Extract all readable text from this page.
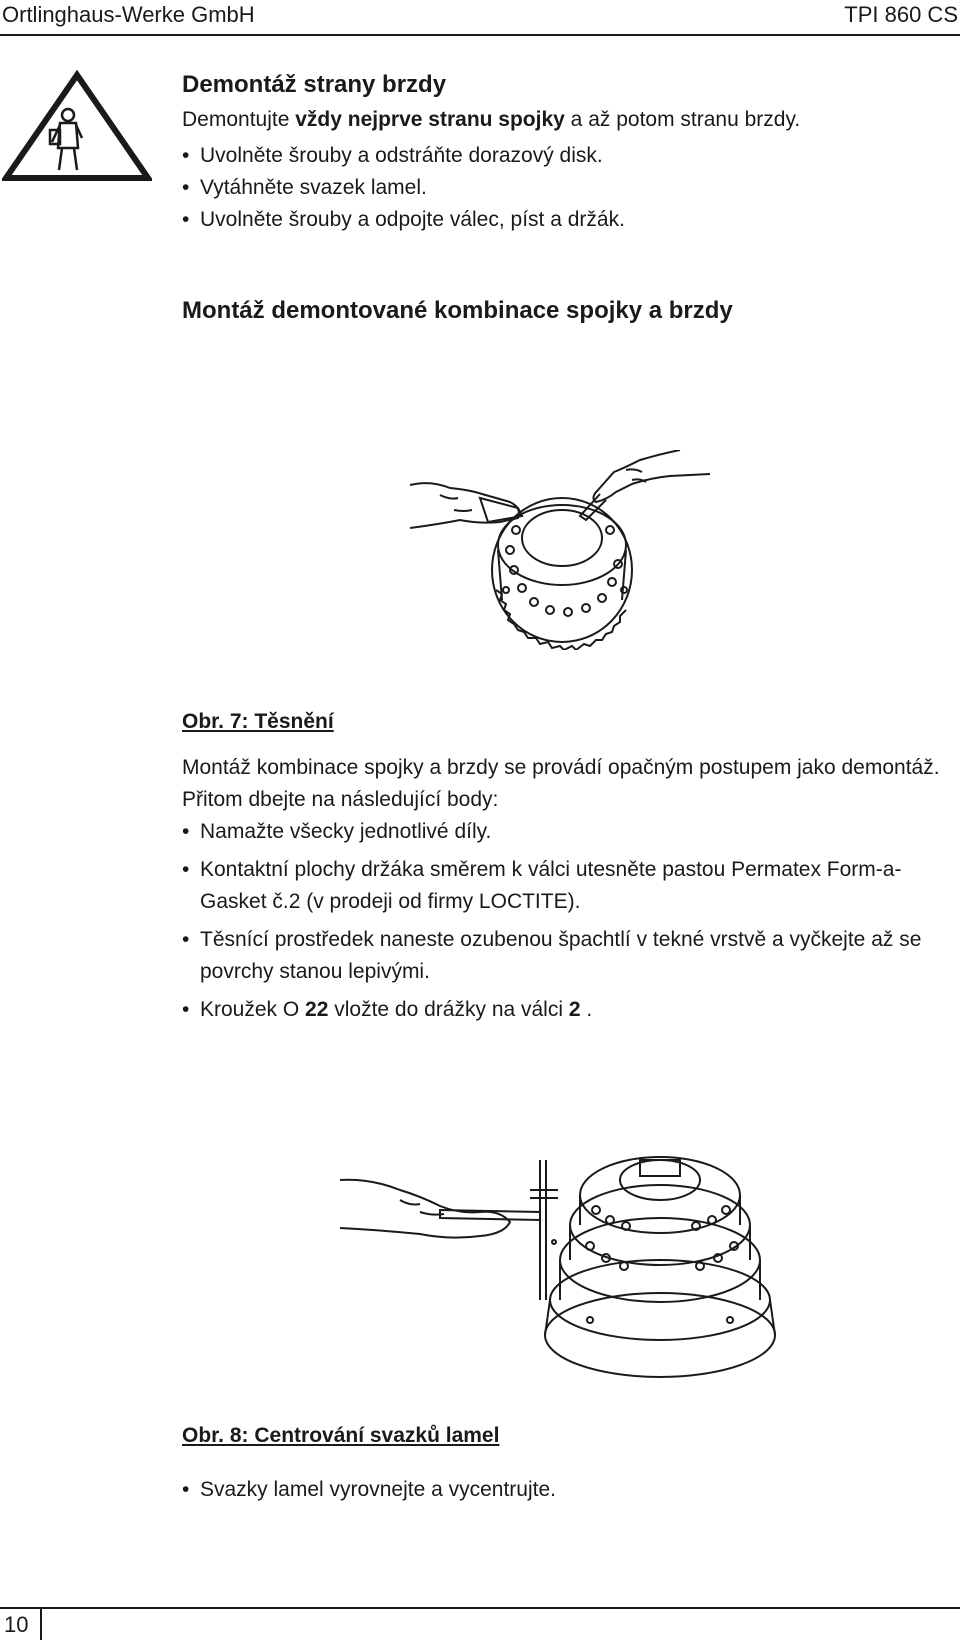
Ortlinghaus-Werke GmbH	TPI 860 CS
Demontáž strany brzdy
Demontujte vždy nejprve stranu spojky a až potom stranu brzdy.
• Uvolněte šrouby a odstráňte dorazový disk.
• Vytáhněte svazek lamel.
• Uvolněte šrouby a odpojte válec, píst a držák.
Montáž demontované kombinace spojky a brzdy
Obr. 7: Těsnění
Montáž kombinace spojky a brzdy se provádí opačným postupem jako demontáž. Přitom dbejte na následující body:
• Namažte všecky jednotlivé díly.
• Kontaktní plochy držáka směrem k válci utesněte pastou Permatex Form-a-Gasket č.2 (v prodeji od firmy LOCTITE).
• Těsnící prostředek naneste ozubenou špachtlí v tekné vrstvě a vyčkejte až se povrchy stanou lepivými.
• Kroužek O 22 vložte do drážky na válci 2 .
Obr. 8: Centrování svazků lamel
• Svazky lamel vyrovnejte a vycentrujte.
10
